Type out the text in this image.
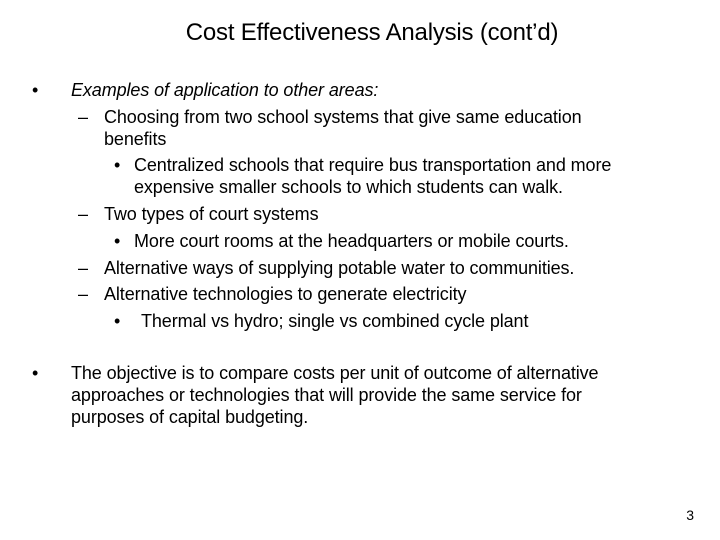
Cost Effectiveness Analysis (cont’d)
• Examples of application to other areas:
– Choosing from two school systems that give same education
benefits
• Centralized schools that require bus transportation and more
expensive smaller schools to which students can walk.
– Two types of court systems
• More court rooms at the headquarters or mobile courts.
– Alternative ways of supplying potable water to communities.
– Alternative technologies to generate electricity
• Thermal vs hydro; single vs combined cycle plant
• The objective is to compare costs per unit of outcome of alternative
approaches or technologies that will provide the same service for
purposes of capital budgeting.
3
